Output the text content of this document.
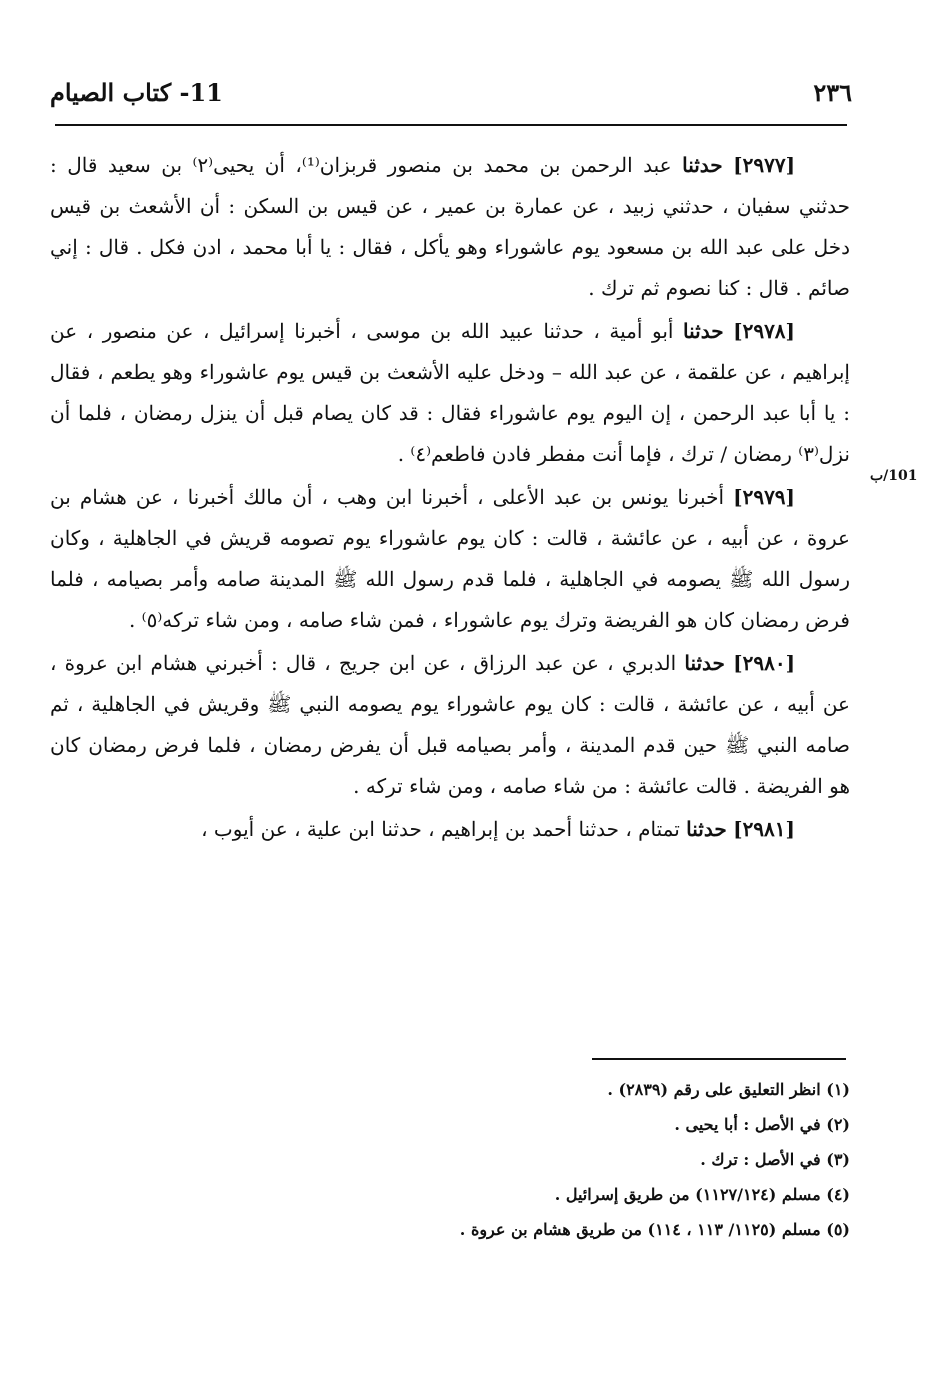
٢٣٦
11- كتاب الصيام
101/ب

[٢٩٧٧] حدثنا عبد الرحمن بن محمد بن منصور قربزان⁽¹⁾، أن يحيى⁽٢⁾ بن سعيد قال : حدثني سفيان ، حدثني زبيد ، عن عمارة بن عمير ، عن قيس بن السكن : أن الأشعث بن قيس دخل على عبد الله بن مسعود يوم عاشوراء وهو يأكل ، فقال : يا أبا محمد ، ادن فكل . قال : إني صائم . قال : كنا نصوم ثم ترك .

[٢٩٧٨] حدثنا أبو أمية ، حدثنا عبيد الله بن موسى ، أخبرنا إسرائيل ، عن منصور ، عن إبراهيم ، عن علقمة ، عن عبد الله – ودخل عليه الأشعث بن قيس يوم عاشوراء وهو يطعم ، فقال : يا أبا عبد الرحمن ، إن اليوم يوم عاشوراء فقال : قد كان يصام قبل أن ينزل رمضان ، فلما أن نزل⁽٣⁾ رمضان / ترك ، فإما أنت مفطر فادن فاطعم⁽٤⁾ .

[٢٩٧٩] أخبرنا يونس بن عبد الأعلى ، أخبرنا ابن وهب ، أن مالك أخبرنا ، عن هشام بن عروة ، عن أبيه ، عن عائشة ، قالت : كان يوم عاشوراء يوم تصومه قريش في الجاهلية ، وكان رسول الله ﷺ يصومه في الجاهلية ، فلما قدم رسول الله ﷺ المدينة صامه وأمر بصيامه ، فلما فرض رمضان كان هو الفريضة وترك يوم عاشوراء ، فمن شاء صامه ، ومن شاء تركه⁽٥⁾ .

[٢٩٨٠] حدثنا الدبري ، عن عبد الرزاق ، عن ابن جريج ، قال : أخبرني هشام ابن عروة ، عن أبيه ، عن عائشة ، قالت : كان يوم عاشوراء يوم يصومه النبي ﷺ وقريش في الجاهلية ، ثم صامه النبي ﷺ حين قدم المدينة ، وأمر بصيامه قبل أن يفرض رمضان ، فلما فرض رمضان كان هو الفريضة . قالت عائشة : من شاء صامه ، ومن شاء تركه .

[٢٩٨١] حدثنا تمتام ، حدثنا أحمد بن إبراهيم ، حدثنا ابن علية ، عن أيوب ،

(١) انظر التعليق على رقم (٢٨٣٩) .

(٢) في الأصل : أبا يحيى .

(٣) في الأصل : ترك .

(٤) مسلم (١١٢٧/١٢٤) من طريق إسرائيل .

(٥) مسلم (١١٢٥/ ١١٣ ، ١١٤) من طريق هشام بن عروة .
